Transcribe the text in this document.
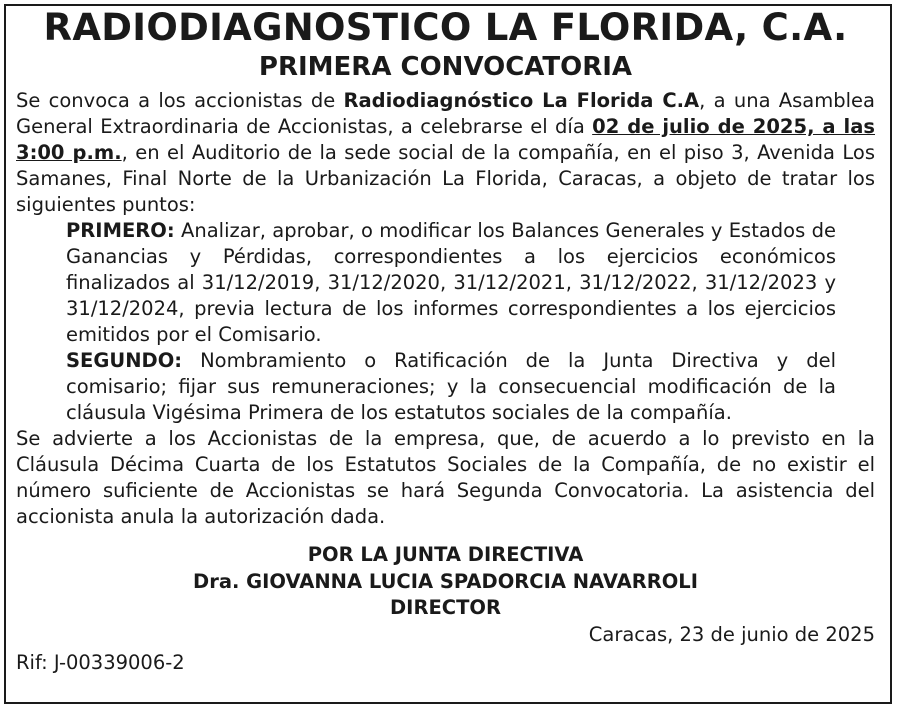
RADIODIAGNOSTICO LA FLORIDA, C.A.
PRIMERA CONVOCATORIA

Se convoca a los accionistas de Radiodiagnóstico La Florida C.A, a una Asamblea General Extraordinaria de Accionistas, a celebrarse el día 02 de julio de 2025, a las 3:00 p.m., en el Auditorio de la sede social de la compañía, en el piso 3, Avenida Los Samanes, Final Norte de la Urbanización La Florida, Caracas, a objeto de tratar los siguientes puntos:

PRIMERO: Analizar, aprobar, o modificar los Balances Generales y Estados de Ganancias y Pérdidas, correspondientes a los ejercicios económicos finalizados al 31/12/2019, 31/12/2020, 31/12/2021, 31/12/2022, 31/12/2023 y 31/12/2024, previa lectura de los informes correspondientes a los ejercicios emitidos por el Comisario.

SEGUNDO: Nombramiento o Ratificación de la Junta Directiva y del comisario; fijar sus remuneraciones; y la consecuencial modificación de la cláusula Vigésima Primera de los estatutos sociales de la compañía.

Se advierte a los Accionistas de la empresa, que, de acuerdo a lo previsto en la Cláusula Décima Cuarta de los Estatutos Sociales de la Compañía, de no existir el número suficiente de Accionistas se hará Segunda Convocatoria. La asistencia del accionista anula la autorización dada.

POR LA JUNTA DIRECTIVA
Dra. GIOVANNA LUCIA SPADORCIA NAVARROLI
DIRECTOR
Caracas, 23 de junio de 2025
Rif: J-00339006-2
